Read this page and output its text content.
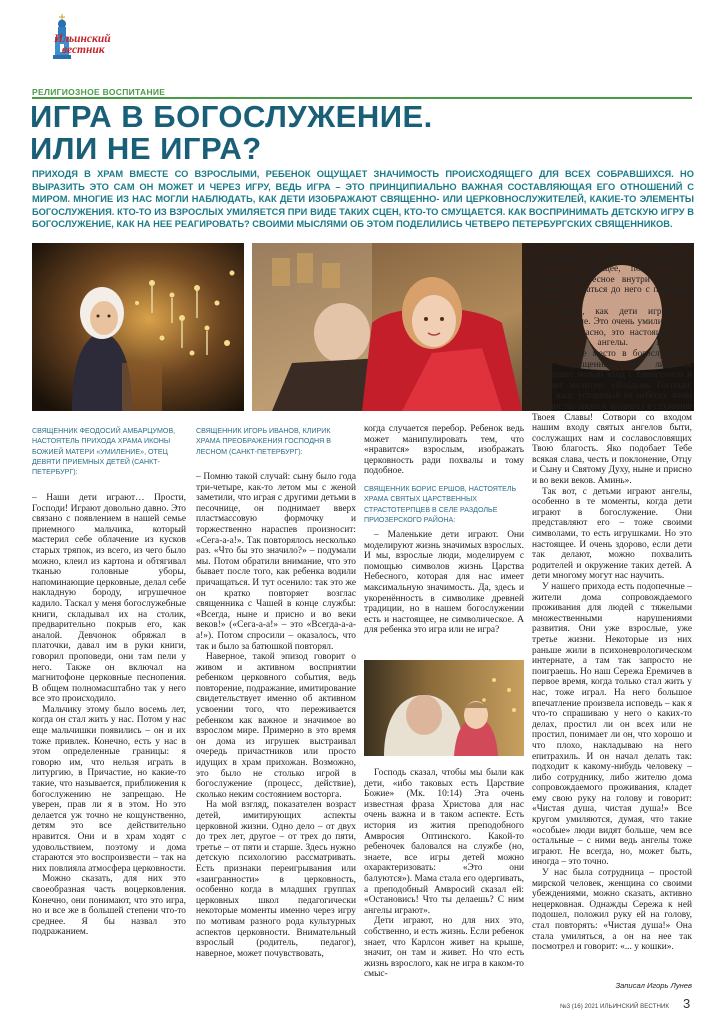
Ильинский
вестник
РЕЛИГИОЗНОЕ ВОСПИТАНИЕ
ИГРА В БОГОСЛУЖЕНИЕ.
ИЛИ НЕ ИГРА?

ПРИХОДЯ В ХРАМ ВМЕСТЕ СО ВЗРОСЛЫМИ, РЕБЕНОК ОЩУЩАЕТ ЗНАЧИМОСТЬ ПРОИСХОДЯЩЕГО ДЛЯ ВСЕХ СОБРАВШИХСЯ. НО ВЫРАЗИТЬ ЭТО САМ ОН МОЖЕТ И ЧЕРЕЗ ИГРУ, ВЕДЬ ИГРА – ЭТО ПРИНЦИПИАЛЬНО ВАЖНАЯ СОСТАВЛЯЮЩАЯ ЕГО ОТНОШЕНИЙ С МИРОМ. МНОГИЕ ИЗ НАС МОГЛИ НАБЛЮДАТЬ, КАК ДЕТИ ИЗОБРАЖАЮТ СВЯЩЕННО- ИЛИ ЦЕРКОВНОСЛУЖИТЕЛЕЙ, КАКИЕ-ТО ЭЛЕМЕНТЫ БОГОСЛУЖЕНИЯ. КТО-ТО ИЗ ВЗРОСЛЫХ УМИЛЯЕТСЯ ПРИ ВИДЕ ТАКИХ СЦЕН, КТО-ТО СМУЩАЕТСЯ. КАК ВОСПРИНИМАТЬ ДЕТСКУЮ ИГРУ В БОГОСЛУЖЕНИЕ, КАК НА НЕЕ РЕАГИРОВАТЬ? СВОИМИ МЫСЛЯМИ ОБ ЭТОМ ПОДЕЛИЛИСЬ ЧЕТВЕРО ПЕТЕРБУРГСКИХ СВЯЩЕННИКОВ.

СВЯЩЕННИК ФЕОДОСИЙ АМБАРЦУМОВ, НАСТОЯТЕЛЬ ПРИХОДА ХРАМА ИКОНЫ БОЖИЕЙ МАТЕРИ «УМИЛЕНИЕ», ОТЕЦ ДЕВЯТИ ПРИЕМНЫХ ДЕТЕЙ (САНКТ-ПЕТЕРБУРГ):
СВЯЩЕННИК ИГОРЬ ИВАНОВ, КЛИРИК ХРАМА ПРЕОБРАЖЕНИЯ ГОСПОДНЯ В ЛЕСНОМ (САНКТ-ПЕТЕРБУРГ):
СВЯЩЕННИК БОРИС ЕРШОВ, НАСТОЯТЕЛЬ ХРАМА СВЯТЫХ ЦАРСТВЕННЫХ СТРАСТОТЕРПЦЕВ В СЕЛЕ РАЗДОЛЬЕ ПРИОЗЕРСКОГО РАЙОНА:

– Наши дети играют… Прости, Господи! Играют довольно давно. Это связано с появлением в нашей семье приемного мальчика, который мастерил себе облачение из кусков старых тряпок, из всего, из чего было можно, клеил из картона и обтягивал тканью головные уборы, напоминающие церковные, делал себе накладную бороду, игрушечное кадило. Таскал у меня богослужебные книги, складывал их на столик, предварительно покрыв его, как аналой. Девчонок обряжал в платочки, давал им в руки книги, говорил проповеди, они там пели у него. Также он включал на магнитофоне церковные песнопения. В общем полномасштабно так у него все это происходило.

Мальчику этому было восемь лет, когда он стал жить у нас. Потом у нас еще мальчишки появились – он и их тоже привлек. Конечно, есть у нас в этом определенные границы: я говорю им, что нельзя играть в литургию, в Причастие, но какие-то такие, что называется, приближения к богослужению не запрещаю. Не уверен, прав ли я в этом. Но это делается уж точно не кощунственно, детям это все действительно нравится. Они и в храм ходят с удовольствием, поэтому и дома стараются это воспроизвести – так на них повлияла атмосфера церковности.

Можно сказать, для них это своеобразная часть воцерковления. Конечно, они понимают, что это игра, но и все же в большей степени что-то среднее. Я бы назвал это подражанием.

– Помню такой случай: сыну было года три-четыре, как-то летом мы с женой заметили, что играя с другими детьми в песочнице, он поднимает вверх пластмассовую формочку и торжественно нараспев произносит: «Сега-а-а!». Так повторялось несколько раз. «Что бы это значило?» – подумали мы. Потом обратили внимание, что это бывает после того, как ребенка водили причащаться. И тут осенило: так это же он кратко повторяет возглас священника с Чашей в конце службы: «Всегда, ныне и присно и во веки веков!» («Сега-а-а!» – это «Всегда-а-а-а!»). Потом спросили – оказалось, что так и было за батюшкой повторял.

Наверное, такой эпизод говорит о живом и активном восприятии ребенком церковного события, ведь повторение, подражание, имитирование свидетельствует именно об активном усвоении того, что переживается ребенком как важное и значимое во взрослом мире. Примерно в это время он дома из игрушек выстраивал очередь причастников или просто идущих в храм прихожан. Возможно, это было не столько игрой в богослужение (процесс, действие), сколько неким состоянием восторга.

На мой взгляд, показателен возраст детей, имитирующих аспекты церковной жизни. Одно дело – от двух до трех лет, другое – от трех до пяти, третье – от пяти и старше. Здесь нужно детскую психологию рассматривать. Есть признаки переигрывания или «заигранности» в церковность, особенно когда в младших группах церковных школ педагогически некоторые моменты именно через игру по мотивам разного рода культурных аспектов церковности. Внимательный взрослый (родитель, педагог), наверное, может почувствовать,

когда случается перебор. Ребенок ведь может манипулировать тем, что «нравится» взрослым, изображать церковность ради похвалы и тому подобное.

– Маленькие дети играют. Они моделируют жизнь значимых взрослых. И мы, взрослые люди, моделируем с помощью символов жизнь Царства Небесного, которая для нас имеет максимальную значимость. Да, здесь и укоренённость в символике древней традиции, но в нашем богослужении есть и настоящее, не символическое. А для ребенка это игра или не игра?

Господь сказал, чтобы мы были как дети, «ибо таковых есть Царствие Божие» (Мк. 10:14) Эта очень известная фраза Христова для нас очень важна и в таком аспекте. Есть история из жития преподобного Амвросия Оптинского. Какой-то ребеночек баловался на службе (но, знаете, все игры детей можно охарактеризовать: «Это они балуются»). Мама стала его одергивать, а преподобный Амвросий сказал ей: «Остановись! Что ты делаешь? С ним ангелы играют».

Дети играют, но для них это, собственно, и есть жизнь. Если ребенок знает, что Карлсон живет на крыше, значит, он там и живет. Но что есть жизнь взрослого, как не игра в каком-то смыс-

ле? Где различие между игрой и настоящим? Что такое настоящее? Как туда, в настоящее, попасть нам? Царствие Небесное внутри нас, мы можем добираться до него с помощью символов.

Я видел, как дети играют в богослужение. Это очень умилительно, чисто, прекрасно, это настоящее. Им сослужат ангелы. Помните удивительное место в богослужении, когда священник на литургии совершает малый вход с Евангелием и говорит молитву: «Владыко Господи, Боже наш, уставивый на небесех чины и воинства ангел и архангел в служение Твоея Славы! Сотвори со входом нашим входу святых ангелов быти, сослужащих нам и сославословящих Твою благость. Яко подобает Тебе всякая слава, честь и поклонение, Отцу и Сыну и Святому Духу, ныне и присно и во веки веков. Аминь».

Так вот, с детьми играют ангелы, особенно в те моменты, когда дети играют в богослужение. Они представляют его – тоже своими символами, то есть игрушками. Но это настоящее. И очень здорово, если дети так делают, можно похвалить родителей и окружение таких детей. А дети многому могут нас научить.

У нашего прихода есть подопечные – жители дома сопровождаемого проживания для людей с тяжелыми множественными нарушениями развития. Они уже взрослые, уже третье жизни. Некоторые из них раньше жили в психоневрологическом интернате, а там так запросто не поиграешь. Но наш Сережа Еремичев в первое время, когда только стал жить у нас, тоже играл. На него большое впечатление произвела исповедь – как я что-то спрашиваю у него о каких-то делах, простил ли он всех или не простил, понимает ли он, что хорошо и что плохо, накладываю на него епитрахиль. И он начал делать так: подходит к какому-нибудь человеку – либо сотруднику, либо жителю дома сопровождаемого проживания, кладет ему свою руку на голову и говорит: «Чистая душа, чистая душа!» Все кругом умиляются, думая, что такие «особые» люди видят больше, чем все остальные – с ними ведь ангелы тоже играют. Не всегда, но, может быть, иногда – это точно.

У нас была сотрудница – простой мирской человек, женщина со своими убеждениями, можно сказать, активно нецерковная. Однажды Сережа к ней подошел, положил руку ей на голову, стал повторять: «Чистая душа!» Она стала умиляться, а он на нее так посмотрел и говорит: «... у кошки».

Записал Игорь Лунев
№3 (16) 2021 ИЛЬИНСКИЙ ВЕСТНИК 3
